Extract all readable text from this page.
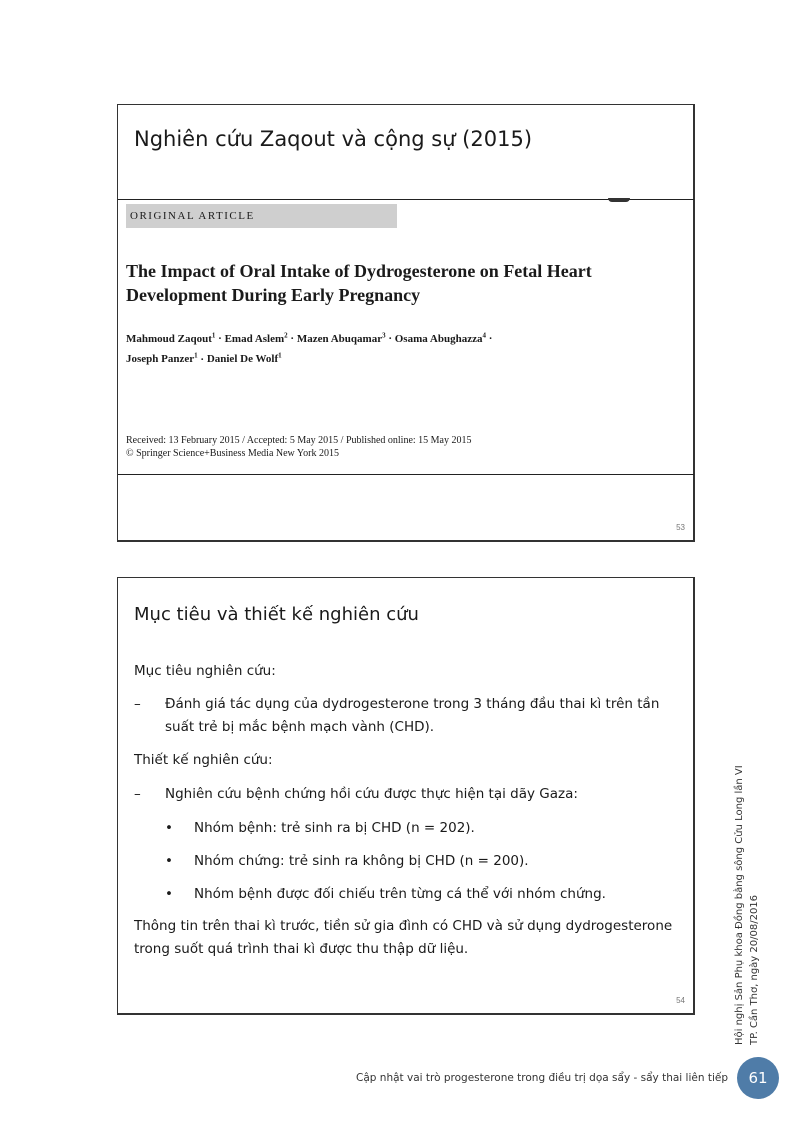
Nghiên cứu Zaqout và cộng sự (2015)
ORIGINAL ARTICLE
The Impact of Oral Intake of Dydrogesterone on Fetal Heart
Development During Early Pregnancy
Mahmoud Zaqout$^1$ · Emad Aslem$^2$ · Mazen Abuqamar$^3$ · Osama Abughazza$^4$ ·
Joseph Panzer$^1$ · Daniel De Wolf$^1$
Received: 13 February 2015 / Accepted: 5 May 2015 / Published online: 15 May 2015
© Springer Science+Business Media New York 2015
53
Mục tiêu và thiết kế nghiên cứu
Mục tiêu nghiên cứu:
– Đánh giá tác dụng của dydrogesterone trong 3 tháng đầu thai kì trên tần
suất trẻ bị mắc bệnh mạch vành (CHD).
Thiết kế nghiên cứu:
– Nghiên cứu bệnh chứng hồi cứu được thực hiện tại dãy Gaza:
• Nhóm bệnh: trẻ sinh ra bị CHD (n = 202).
• Nhóm chứng: trẻ sinh ra không bị CHD (n = 200).
• Nhóm bệnh được đối chiếu trên từng cá thể với nhóm chứng.
Thông tin trên thai kì trước, tiền sử gia đình có CHD và sử dụng dydrogesterone
trong suốt quá trình thai kì được thu thập dữ liệu.
54	Hội nghị Sản Phụ khoa Đồng bằng sông Cửu Long lần VI TP. Cần Thơ, ngày 20/08/2016
Cập nhật vai trò progesterone trong điều trị dọa sẩy - sẩy thai liên tiếp	61
